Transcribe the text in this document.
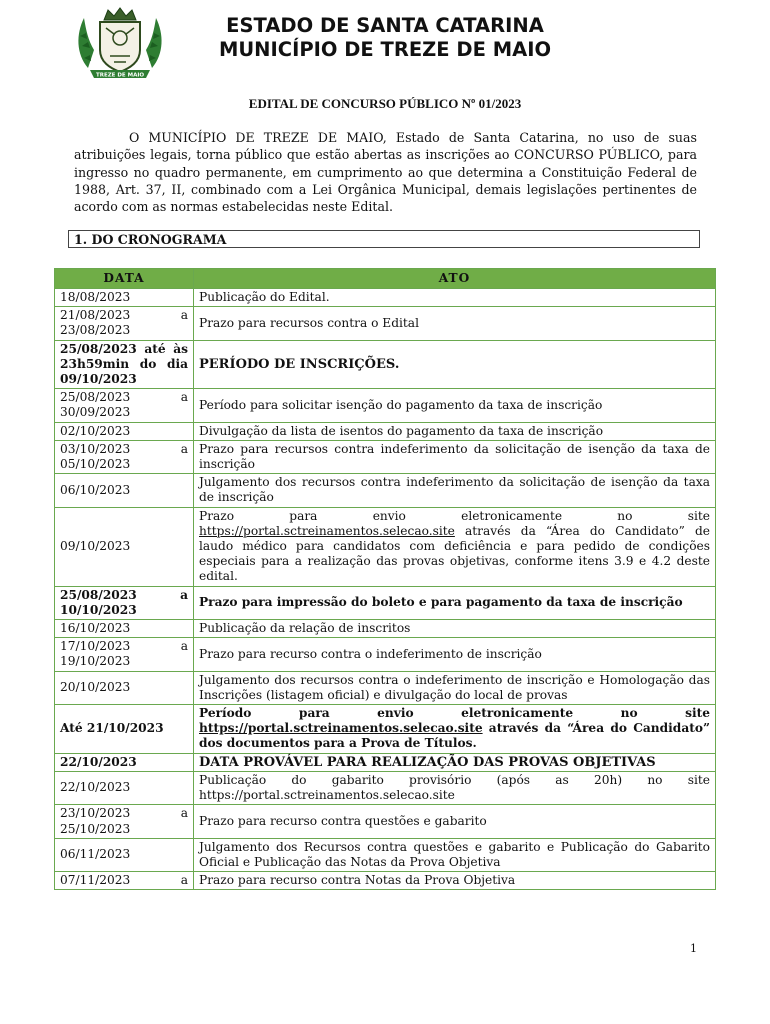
TREZE DE MAIO
ESTADO DE SANTA CATARINA
MUNICÍPIO DE TREZE DE MAIO
EDITAL DE CONCURSO PÚBLICO Nº 01/2023
O MUNICÍPIO DE TREZE DE MAIO, Estado de Santa Catarina, no uso de suas atribuições legais, torna público que estão abertas as inscrições ao CONCURSO PÚBLICO, para ingresso no quadro permanente, em cumprimento ao que determina a Constituição Federal de 1988, Art. 37, II, combinado com a Lei Orgânica Municipal, demais legislações pertinentes de acordo com as normas estabelecidas neste Edital.
1. DO CRONOGRAMA
DATA	ATO
18/08/2023	Publicação do Edital.
21/08/2023 a 23/08/2023	Prazo para recursos contra o Edital
25/08/2023 até às 23h59min do dia 09/10/2023	PERÍODO DE INSCRIÇÕES.
25/08/2023 a 30/09/2023	Período para solicitar isenção do pagamento da taxa de inscrição
02/10/2023	Divulgação da lista de isentos do pagamento da taxa de inscrição
03/10/2023 a 05/10/2023	Prazo para recursos contra indeferimento da solicitação de isenção da taxa de inscrição
06/10/2023	Julgamento dos recursos contra indeferimento da solicitação de isenção da taxa de inscrição
09/10/2023	Prazo para envio eletronicamente no site https://portal.sctreinamentos.selecao.site através da “Área do Candidato” de laudo médico para candidatos com deficiência e para pedido de condições especiais para a realização das provas objetivas, conforme itens 3.9 e 4.2 deste edital.
25/08/2023 a 10/10/2023	Prazo para impressão do boleto e para pagamento da taxa de inscrição
16/10/2023	Publicação da relação de inscritos
17/10/2023 a 19/10/2023	Prazo para recurso contra o indeferimento de inscrição
20/10/2023	Julgamento dos recursos contra o indeferimento de inscrição e Homologação das Inscrições (listagem oficial) e divulgação do local de provas
Até 21/10/2023	Período para envio eletronicamente no site https://portal.sctreinamentos.selecao.site através da “Área do Candidato” dos documentos para a Prova de Títulos.
22/10/2023	DATA PROVÁVEL PARA REALIZAÇÃO DAS PROVAS OBJETIVAS
22/10/2023	Publicação do gabarito provisório (após as 20h) no site https://portal.sctreinamentos.selecao.site
23/10/2023 a 25/10/2023	Prazo para recurso contra questões e gabarito
06/11/2023	Julgamento dos Recursos contra questões e gabarito e Publicação do Gabarito Oficial e Publicação das Notas da Prova Objetiva
07/11/2023 a	Prazo para recurso contra Notas da Prova Objetiva
1
